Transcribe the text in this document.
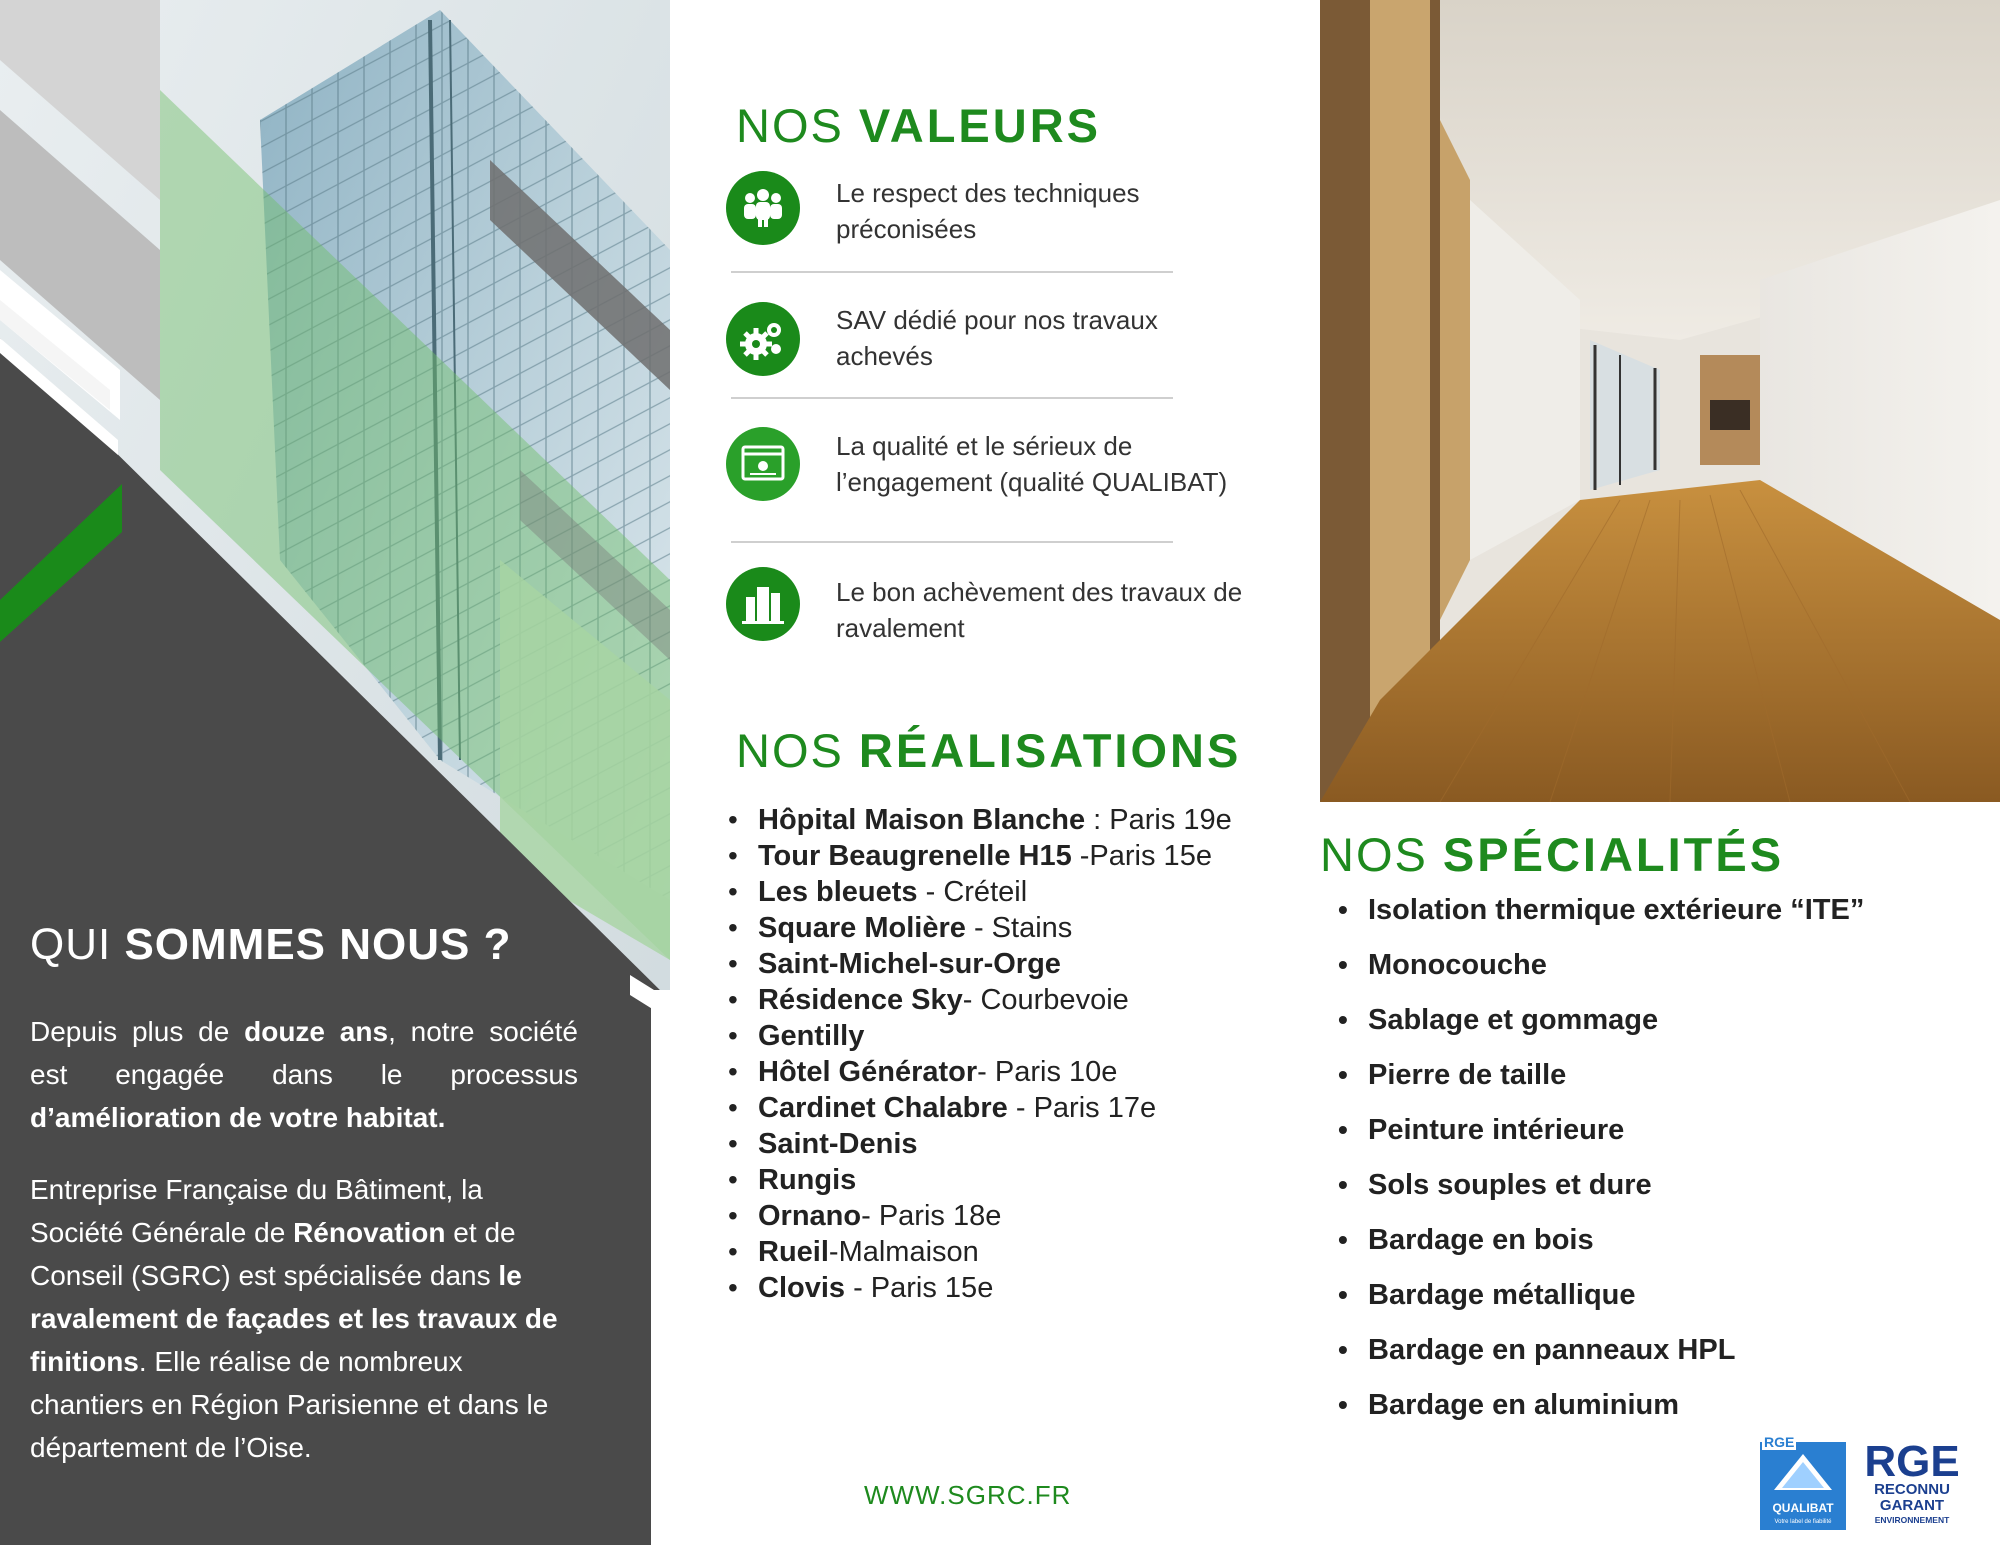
QUI SOMMES NOUS ?
Depuis plus de douze ans, notre société est engagée dans le processus d’amélioration de votre habitat.
Entreprise Française du Bâtiment, la Société Générale de Rénovation et de Conseil (SGRC) est spécialisée dans le ravalement de façades et les travaux de finitions. Elle réalise de nombreux chantiers en Région Parisienne et dans le département de l’Oise.
NOS VALEURS
Le respect des techniques préconisées
SAV dédié pour nos travaux achevés
La qualité et le sérieux de l’engagement (qualité QUALIBAT)
Le bon achèvement des travaux de ravalement
NOS RÉALISATIONS
• Hôpital Maison Blanche : Paris 19e
• Tour Beaugrenelle H15 -Paris 15e
• Les bleuets - Créteil
• Square Molière - Stains
• Saint-Michel-sur-Orge
• Résidence Sky- Courbevoie
• Gentilly
• Hôtel Générator- Paris 10e
• Cardinet Chalabre - Paris 17e
• Saint-Denis
• Rungis
• Ornano- Paris 18e
• Rueil-Malmaison
• Clovis - Paris 15e
WWW.SGRC.FR
NOS SPÉCIALITÉS
• Isolation thermique extérieure “ITE”
• Monocouche
• Sablage et gommage
• Pierre de taille
• Peinture intérieure
• Sols souples et dure
• Bardage en bois
• Bardage métallique
• Bardage en panneaux HPL
• Bardage en aluminium
RGE
QUALIBAT
Votre label de fiabilité
RGE
RECONNU
GARANT
ENVIRONNEMENT
